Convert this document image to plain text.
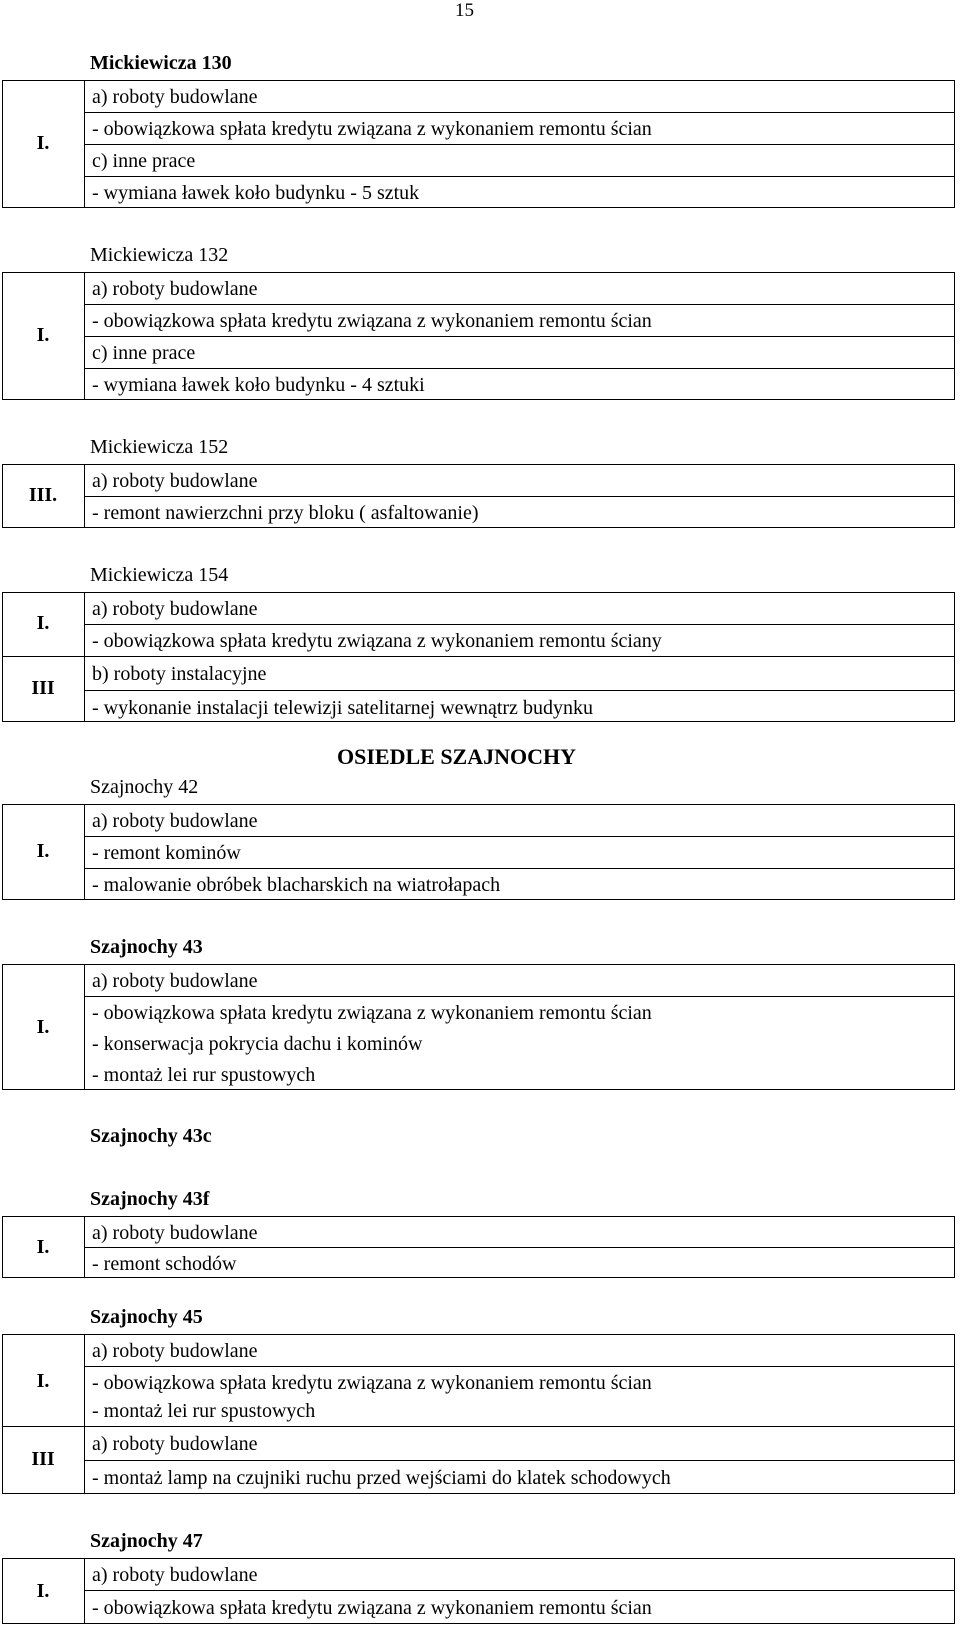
15
Mickiewicza 130
I.
a) roboty budowlane
- obowiązkowa spłata kredytu związana z wykonaniem remontu ścian
c) inne prace
- wymiana ławek koło budynku - 5 sztuk
Mickiewicza 132
I.
a) roboty budowlane
- obowiązkowa spłata kredytu związana z wykonaniem remontu ścian
c) inne prace
- wymiana ławek koło budynku - 4 sztuki
Mickiewicza 152
III.
a) roboty budowlane
- remont nawierzchni przy bloku ( asfaltowanie)
Mickiewicza 154
I.
III
a) roboty budowlane
- obowiązkowa spłata kredytu związana z wykonaniem remontu ściany
b) roboty instalacyjne
- wykonanie instalacji telewizji satelitarnej wewnątrz budynku
OSIEDLE SZAJNOCHY
Szajnochy 42
I.
a) roboty budowlane
- remont kominów
- malowanie obróbek blacharskich na wiatrołapach
Szajnochy 43
I.
a) roboty budowlane
- obowiązkowa spłata kredytu związana z wykonaniem remontu ścian
- konserwacja pokrycia dachu i kominów
- montaż lei rur spustowych
Szajnochy 43c
Szajnochy 43f
I.
a) roboty budowlane
- remont schodów
Szajnochy 45
I.
III
a) roboty budowlane
- obowiązkowa spłata kredytu związana z wykonaniem remontu ścian
- montaż lei rur spustowych
a) roboty budowlane
- montaż lamp na czujniki ruchu przed wejściami do klatek schodowych
Szajnochy 47
I.
a) roboty budowlane
- obowiązkowa spłata kredytu związana z wykonaniem remontu ścian
